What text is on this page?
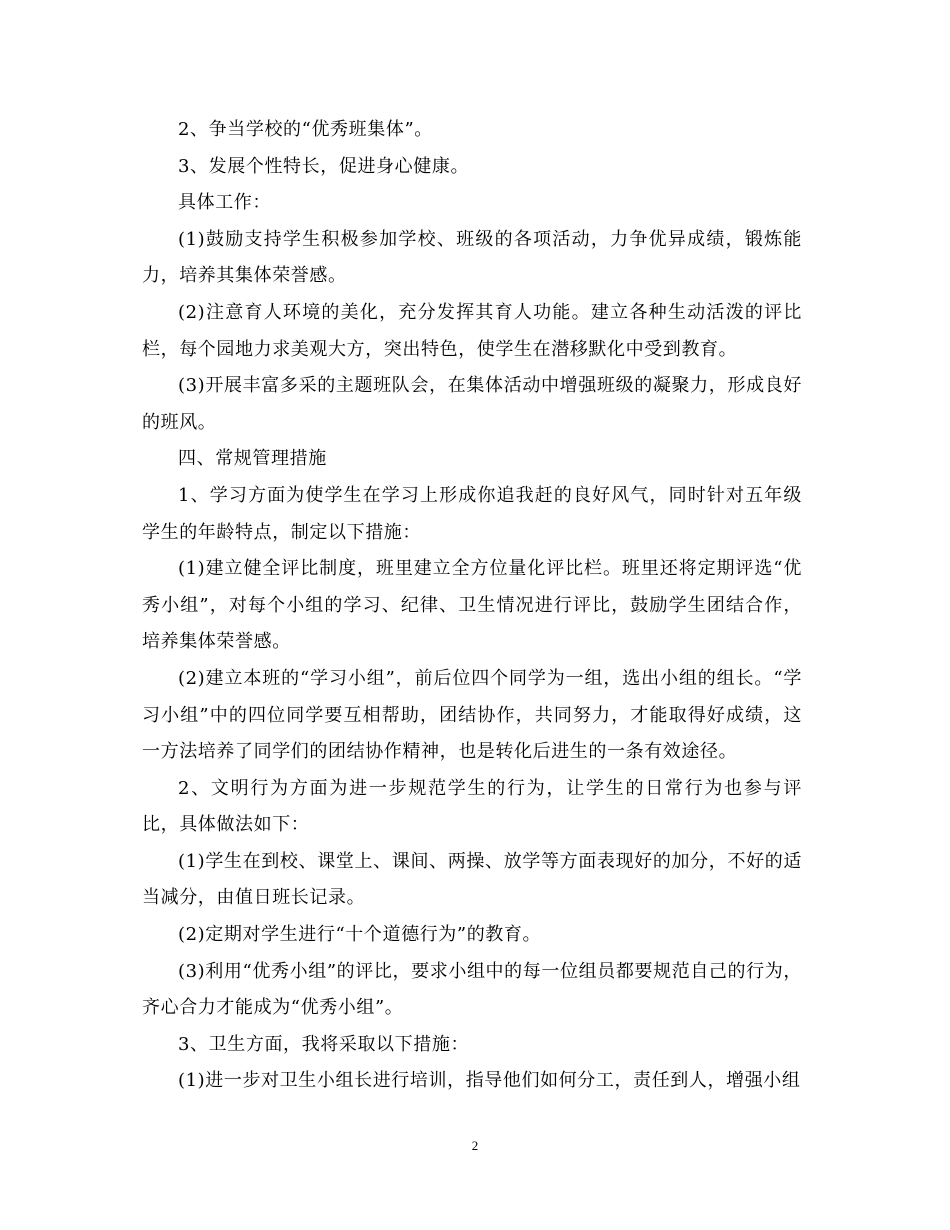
2、争当学校的“优秀班集体”。

3、发展个性特长，促进身心健康。

具体工作：

(1)鼓励支持学生积极参加学校、班级的各项活动，力争优异成绩，锻炼能力，培养其集体荣誉感。

(2)注意育人环境的美化，充分发挥其育人功能。建立各种生动活泼的评比栏，每个园地力求美观大方，突出特色，使学生在潜移默化中受到教育。

(3)开展丰富多采的主题班队会，在集体活动中增强班级的凝聚力，形成良好的班风。

四、常规管理措施

1、学习方面为使学生在学习上形成你追我赶的良好风气，同时针对五年级学生的年龄特点，制定以下措施：

(1)建立健全评比制度，班里建立全方位量化评比栏。班里还将定期评选“优秀小组”，对每个小组的学习、纪律、卫生情况进行评比，鼓励学生团结合作，培养集体荣誉感。

(2)建立本班的“学习小组”，前后位四个同学为一组，选出小组的组长。“学习小组”中的四位同学要互相帮助，团结协作，共同努力，才能取得好成绩，这一方法培养了同学们的团结协作精神，也是转化后进生的一条有效途径。

2、文明行为方面为进一步规范学生的行为，让学生的日常行为也参与评比，具体做法如下：

(1)学生在到校、课堂上、课间、两操、放学等方面表现好的加分，不好的适当减分，由值日班长记录。

(2)定期对学生进行“十个道德行为”的教育。

(3)利用“优秀小组”的评比，要求小组中的每一位组员都要规范自己的行为，齐心合力才能成为“优秀小组”。

3、卫生方面，我将采取以下措施：

(1)进一步对卫生小组长进行培训，指导他们如何分工，责任到人，增强小组

2
